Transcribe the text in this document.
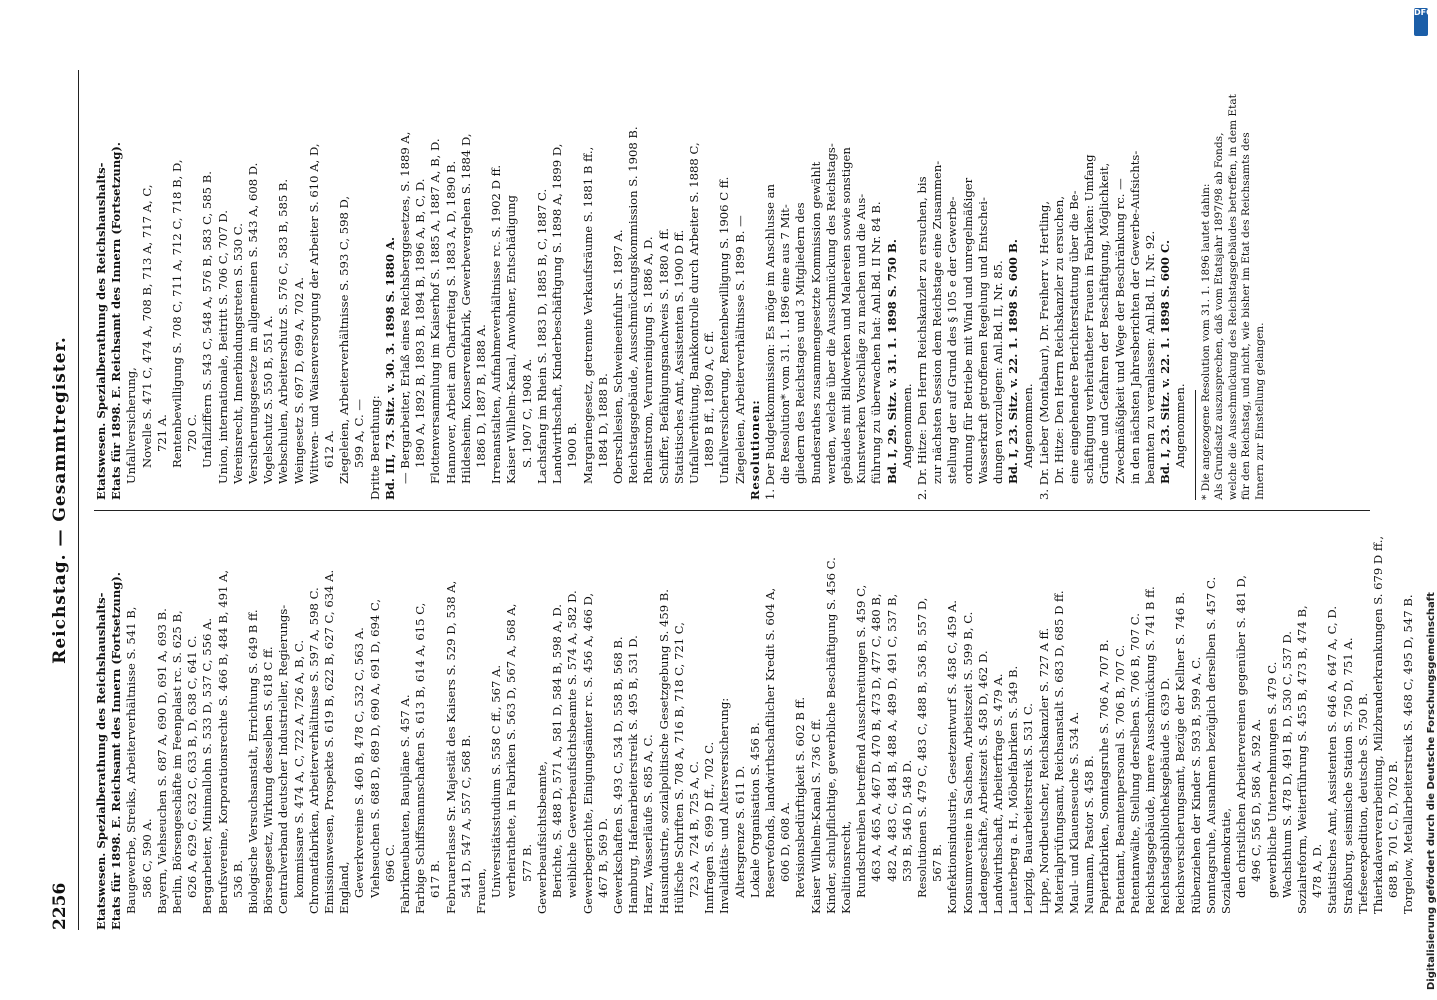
2256
Reichstag. — Gesammtregister.
Etatswesen. Spezialberathung des Reichshaushalts- Etats für 1898. E. Reichsamt des Innern (Fortsetzung). Baugewerbe, Streiks, Arbeiterverhältnisse S. 541 B, 586 C, 590 A. Bayern, Viehseuchen S. 687 A, 690 D, 691 A, 693 B. Berlin, Börsengeschäfte im Feenpalast rc. S. 625 B, 626 A, 629 C, 632 C, 633 B, D, 638 C, 641 C. Bergarbeiter, Minimallohn S. 533 D, 537 C, 556 A. Berufsvereine, Korporationsrechte S. 466 B, 484 B, 491 A, 536 B. Biologische Versuchsanstalt, Errichtung S. 649 B ff. Börsengesetz, Wirkung desselben S. 618 C ff. Centralverband deutscher Industrieller, Regierungs- kommissare S. 474 A, C, 722 A, 726 A, B, C. Chromatfabriken, Arbeiterverhältnisse S. 597 A, 598 C. Emissionswesen, Prospekte S. 619 B, 622 B, 627 C, 634 A. England, Gewerkvereine S. 460 B, 478 C, 532 C, 563 A. Viehseuchen S. 688 D, 689 D, 690 A, 691 D, 694 C, 696 C. Fabrikneubauten, Baupläne S. 457 A. Farbige Schiffsmannschaften S. 613 B, 614 A, 615 C, 617 B. Februarerlasse Sr. Majestät des Kaisers S. 529 D, 538 A, 541 D, 547 A, 557 C, 568 B. Frauen, Universitätsstudium S. 558 C ff., 567 A. verheirathete, in Fabriken S. 563 D, 567 A, 568 A, 577 B. Gewerbeaufsichtsbeamte, Berichte, S. 488 D, 571 A, 581 D, 584 B, 598 A, D. weibliche Gewerbeaufsichtsbeamte S. 574 A, 582 D. Gewerbegerichte, Einigungsämter rc. S. 456 A, 466 D, 467 B, 569 D. Gewerkschaften S. 493 C, 534 D, 558 B, 568 B. Hamburg, Hafenarbeiterstreik S. 495 B, 531 D. Harz, Wasserläufe S. 685 A, C. Hausindustrie, sozialpolitische Gesetzgebung S. 459 B. Hülfsche Schriften S. 708 A, 716 B, 718 C, 721 C, 723 A, 724 B, 725 A, C. Innfragen S. 699 D ff., 702 C. Invaliditäts- und Altersversicherung: Altersgrenze S. 611 D. Lokale Organisation S. 456 B. Reservefonds, landwirthschaftlicher Kredit S. 604 A, 606 D, 608 A. Revisionsbedürftigkeit S. 602 B ff. Kaiser Wilhelm-Kanal S. 736 C ff. Kinder, schulpflichtige, gewerbliche Beschäftigung S. 456 C. Koalitionsrecht, Rundschreiben betreffend Ausschreitungen S. 459 C, 463 A, 465 A, 467 D, 470 B, 473 D, 477 C, 480 B, 482 A, 483 C, 484 B, 488 A, 489 D, 491 C, 537 B, 539 B, 546 D, 548 D. Resolutionen S. 479 C, 483 C, 488 B, 536 B, 557 D, 567 B. Konfektionsindustrie, Gesetzentwurf S. 458 C, 459 A. Konsumvereine in Sachsen, Arbeitszeit S. 599 B, C. Ladengeschäfte, Arbeitszeit S. 458 D, 462 D. Landwirthschaft, Arbeiterfrage S. 479 A. Lauterberg a. H., Möbelfabriken S. 549 B. Leipzig, Bauarbeiterstreik S. 531 C. Lippe, Nordbeutscher, Reichskanzler S. 727 A ff. Materialprüfungsamt, Reichsanstalt S. 683 D, 685 D ff. Maul- und Klauenseuche S. 534 A. Naumann, Pastor S. 458 B. Papierfabriken, Sonntagsruhe S. 706 A, 707 B. Patentamt, Beamtenpersonal S. 706 B, 707 C. Patentanwälte, Stellung derselben S. 706 B, 707 C. Reichstagsgebäude, innere Ausschmückung S. 741 B ff. Reichstagsbibliotheksgebäude S. 639 D. Reichsversicherungsamt, Bezüge der Kellner S. 746 B. Rübenziehen der Kinder S. 593 B, 599 A, C. Sonntagsruhe, Ausnahmen bezüglich derselben S. 457 C. Sozialdemokratie, den christlichen Arbeitervereinen gegenüber S. 481 D, 496 C, 556 D, 586 A, 592 A. gewerbliche Unternehmungen S. 479 C. Wachsthum S. 478 D, 491 B, D, 530 C, 537 D. Sozialreform, Weiterführung S. 455 B, 473 B, 474 B, 478 A, D. Statistisches Amt, Assistenten S. 646 A, 647 A, C, D. Straßburg, seismische Station S. 750 D, 751 A. Tiefseeexpedition, deutsche S. 750 B. Thierkadaververarbeitung, Milzbranderkrankungen S. 679 D ff., 688 B, 701 C, D, 702 B. Torgelow, Metallarbeiterstreik S. 468 C, 495 D, 547 B.
Etatswesen. Spezialberathung des Reichshaushalts- Etats für 1898. E. Reichsamt des Innern (Fortsetzung). Unfallversicherung, Novelle S. 471 C, 474 A, 708 B, 713 A, 717 A, C, 721 A. Rentenbewilligung S. 708 C, 711 A, 712 C, 718 B, D, 720 C. Unfallziffern S. 543 C, 548 A, 576 B, 583 C, 585 B. Union, internationale, Beitritt S. 706 C, 707 D. Vereinsrecht, Innerbindungstreten S. 530 C. Versicherungsgesetze im allgemeinen S. 543 A, 608 D. Vogelschutz S. 550 B, 551 A. Webschulen, Arbeiterschutz S. 576 C, 583 B, 585 B. Weingesetz S. 697 D, 699 A, 702 A. Wittwen- und Waisenversorgung der Arbeiter S. 610 A, D, 612 A. Ziegeleien, Arbeiterverhältnisse S. 593 C, 598 D, 599 A, C. — Dritte Berathung: Bd. III, 73. Sitz. v. 30. 3. 1898 S. 1880 A. — Bergarbeiter, Erlaß eines Reichsberggesetzes, S. 1889 A, 1890 A, 1892 B, 1893 B, 1894 B, 1896 A, B, C, D. Flottenversammlung im Kaiserhof S. 1885 A, 1887 A, B, D. Hannover, Arbeit am Charfreitag S. 1883 A, D, 1890 B. Hildesheim, Konservenfabrik, Gewerbevergehen S. 1884 D, 1886 D, 1887 B, 1888 A. Irrenanstalten, Aufnahmeverhältnisse rc. S. 1902 D ff. Kaiser Wilhelm-Kanal, Anwohner, Entschädigung S. 1907 C, 1908 A. Lachsfang im Rhein S. 1883 D, 1885 B, C, 1887 C. Landwirthschaft, Kinderbeschäftigung S. 1898 A, 1899 D, 1900 B. Margarinegesetz, getrennte Verkaufsräume S. 1881 B ff., 1884 D, 1888 B. Oberschlesien, Schweineeinfuhr S. 1897 A. Reichstagsgebäude, Ausschmückungskommission S. 1908 B. Rheinstrom, Verunreinigung S. 1886 A, D. Schiffer, Befähigungsnachweis S. 1880 A ff. Statistisches Amt, Assistenten S. 1900 D ff. Unfallverhütung, Bankkontrolle durch Arbeiter S. 1888 C, 1889 B ff., 1890 A, C ff. Unfallversicherung, Rentenbewilligung S. 1906 C ff. Ziegeleien, Arbeiterverhältnisse S. 1899 B. — Resolutionen: 1. Der Budgetkommission: Es möge im Anschlusse an die Resolution* vom 31. 1. 1896 eine aus 7 Mit- gliedern des Reichstages und 3 Mitgliedern des Bundesrathes zusammengesetzte Kommission gewählt werden, welche über die Ausschmückung des Reichstags- gebäudes mit Bildwerken und Malereien sowie sonstigen Kunstwerken Vorschläge zu machen und die Aus- führung zu überwachen hat: Anl.Bd. II Nr. 84 B. Bd. I, 29. Sitz. v. 31. 1. 1898 S. 750 B. Angenommen. 2. Dr. Hitze: Den Herrn Reichskanzler zu ersuchen, bis zur nächsten Session dem Reichstage eine Zusammen- stellung der auf Grund des § 105 e der Gewerbe- ordnung für Betriebe mit Wind und unregelmäßiger Wasserkraft getroffenen Regelung und Entschei- dungen vorzulegen: Anl.Bd. II, Nr. 85. Bd. I, 23. Sitz. v. 22. 1. 1898 S. 600 B. Angenommen. 3. Dr. Lieber (Montabaur), Dr. Freiherr v. Hertling, Dr. Hitze: Den Herrn Reichskanzler zu ersuchen, eine eingehendere Berichterstattung über die Be- schäftigung verheiratheter Frauen in Fabriken: Umfang Gründe und Gefahren der Beschäftigung, Möglichkeit, Zweckmäßigkeit und Wege der Beschränkung rc. — in den nächsten Jahresberichten der Gewerbe-Aufsichts- beamten zu veranlassen: Anl.Bd. II, Nr. 92. Bd. I, 23. Sitz. v. 22. 1. 1898 S. 600 C. Angenommen. * Die angezogene Resolution vom 31. 1. 1896 lautet dahin: Als Grundsatz auszusprechen, daß vom Etatsjahr 1897/98 ab Fonds, welche die Ausschmückung des Reichstagsgebäudes betreffen, in dem Etat für den Reichstag, und nicht, wie bisher im Etat des Reichsamts des Innern zur Einstellung gelangen.
Digitalisierung gefördert durch die Deutsche Forschungsgemeinschaft
DFG
